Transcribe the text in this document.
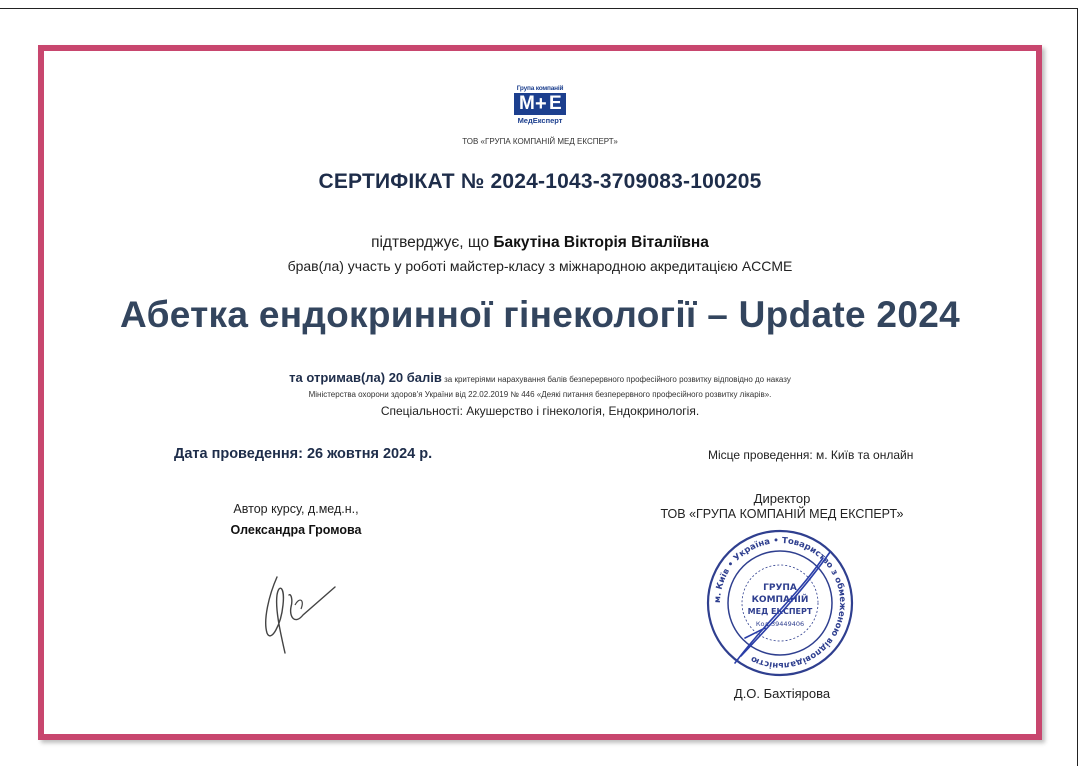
Група компаній
М + Е
МедЕксперт
ТОВ «ГРУПА КОМПАНІЙ МЕД ЕКСПЕРТ»
СЕРТИФІКАТ № 2024-1043-3709083-100205
підтверджує, що Бакутіна Вікторія Віталіївна
брав(ла) участь у роботі майстер-класу з міжнародною акредитацією ACCME
Абетка ендокринної гінекології – Update 2024
та отримав(ла) 20 балів за критеріями нарахування балів безперервного професійного розвитку відповідно до наказу
Міністерства охорони здоров'я України від 22.02.2019 № 446 «Деякі питання безперервного професійного розвитку лікарів».
Спеціальності: Акушерство і гінекологія, Ендокринологія.
Дата проведення: 26 жовтня 2024 р.	Місце проведення: м. Київ та онлайн
Автор курсу, д.мед.н.,
Олександра Громова
Директор
ТОВ «ГРУПА КОМПАНІЙ МЕД ЕКСПЕРТ»
м. Київ • Україна • Товариство з обмеженою відповідальністю
ГРУПА
КОМПАНІЙ
МЕД ЕКСПЕРТ
Код 39449406
Д.О. Бахтіярова
